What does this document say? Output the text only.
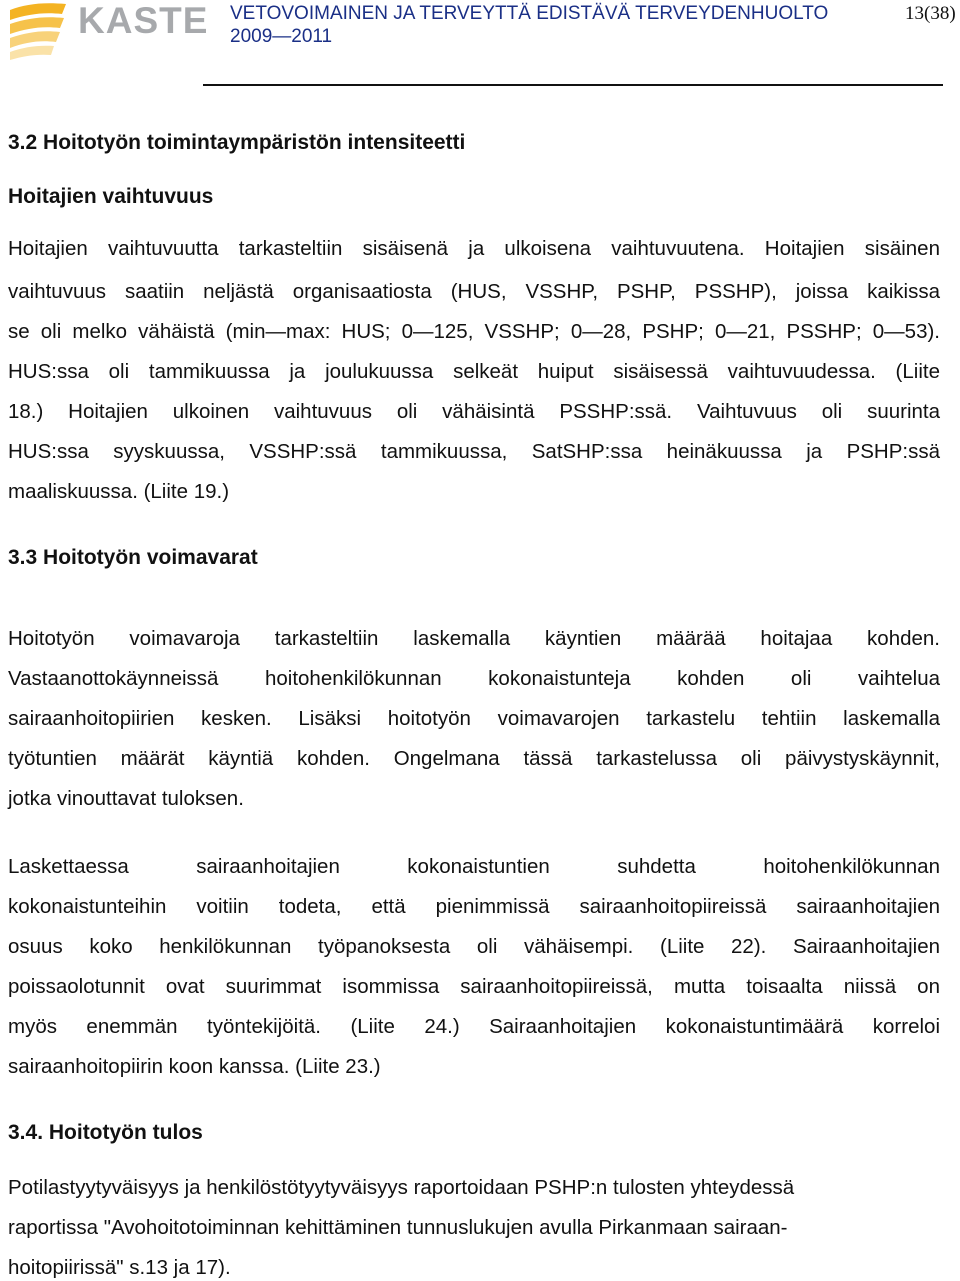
KASTE VETOVOIMAINEN JA TERVEYTTÄ EDISTÄVÄ TERVEYDENHUOLTO
2009—2011
13(38)
3.2 Hoitotyön toimintaympäristön intensiteetti
Hoitajien vaihtuvuus
Hoitajien vaihtuvuutta tarkasteltiin sisäisenä ja ulkoisena vaihtuvuutena. Hoitajien sisäinen
vaihtuvuus saatiin neljästä organisaatiosta (HUS, VSSHP, PSHP, PSSHP), joissa kaikissa
se oli melko vähäistä (min—max: HUS; 0—125, VSSHP; 0—28, PSHP; 0—21, PSSHP; 0—53).
HUS:ssa oli tammikuussa ja joulukuussa selkeät huiput sisäisessä vaihtuvuudessa. (Liite
18.) Hoitajien ulkoinen vaihtuvuus oli vähäisintä PSSHP:ssä. Vaihtuvuus oli suurinta
HUS:ssa syyskuussa, VSSHP:ssä tammikuussa, SatSHP:ssa heinäkuussa ja PSHP:ssä
maaliskuussa. (Liite 19.)
3.3 Hoitotyön voimavarat
Hoitotyön voimavaroja tarkasteltiin laskemalla käyntien määrää hoitajaa kohden.
Vastaanottokäynneissä hoitohenkilökunnan kokonaistunteja kohden oli vaihtelua
sairaanhoitopiirien kesken. Lisäksi hoitotyön voimavarojen tarkastelu tehtiin laskemalla
työtuntien määrät käyntiä kohden. Ongelmana tässä tarkastelussa oli päivystyskäynnit,
jotka vinouttavat tuloksen.
Laskettaessa sairaanhoitajien kokonaistuntien suhdetta hoitohenkilökunnan
kokonaistunteihin voitiin todeta, että pienimmissä sairaanhoitopiireissä sairaanhoitajien
osuus koko henkilökunnan työpanoksesta oli vähäisempi. (Liite 22). Sairaanhoitajien
poissaolotunnit ovat suurimmat isommissa sairaanhoitopiireissä, mutta toisaalta niissä on
myös enemmän työntekijöitä. (Liite 24.) Sairaanhoitajien kokonaistuntimäärä korreloi
sairaanhoitopiirin koon kanssa. (Liite 23.)
3.4. Hoitotyön tulos
Potilastyytyväisyys ja henkilöstötyytyväisyys raportoidaan PSHP:n tulosten yhteydessä
raportissa "Avohoitotoiminnan kehittäminen tunnuslukujen avulla Pirkanmaan sairaan-
hoitopiirissä" s.13 ja 17).
